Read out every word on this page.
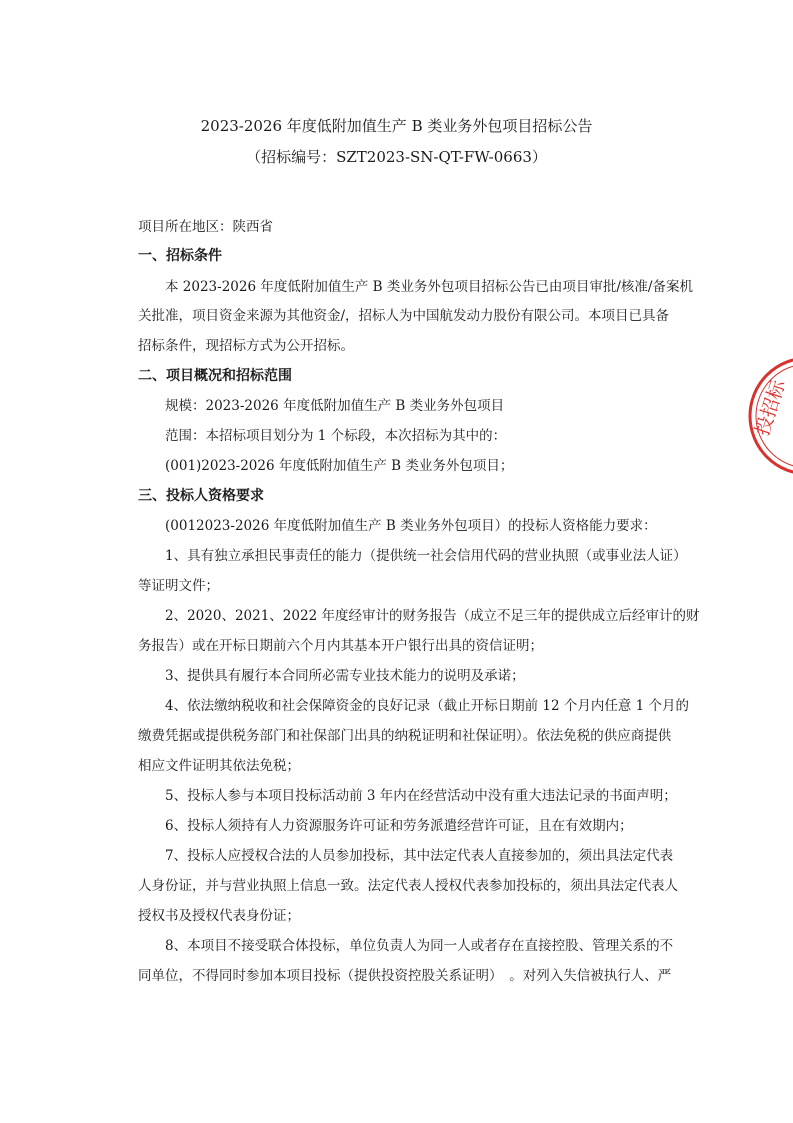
2023-2026 年度低附加值生产 B 类业务外包项目招标公告
（招标编号：SZT2023-SN-QT-FW-0663）
项目所在地区：陕西省
一、招标条件
本 2023-2026 年度低附加值生产 B 类业务外包项目招标公告已由项目审批/核准/备案机
关批准，项目资金来源为其他资金/，招标人为中国航发动力股份有限公司。本项目已具备
招标条件，现招标方式为公开招标。
二、项目概况和招标范围
规模：2023-2026 年度低附加值生产 B 类业务外包项目
范围：本招标项目划分为 1 个标段，本次招标为其中的：
(001)2023-2026 年度低附加值生产 B 类业务外包项目；
三、投标人资格要求
(0012023-2026 年度低附加值生产 B 类业务外包项目）的投标人资格能力要求：
1、具有独立承担民事责任的能力（提供统一社会信用代码的营业执照（或事业法人证）
等证明文件；
2、2020、2021、2022 年度经审计的财务报告（成立不足三年的提供成立后经审计的财
务报告）或在开标日期前六个月内其基本开户银行出具的资信证明；
3、提供具有履行本合同所必需专业技术能力的说明及承诺；
4、依法缴纳税收和社会保障资金的良好记录（截止开标日期前 12 个月内任意 1 个月的
缴费凭据或提供税务部门和社保部门出具的纳税证明和社保证明）。依法免税的供应商提供
相应文件证明其依法免税；
5、投标人参与本项目投标活动前 3 年内在经营活动中没有重大违法记录的书面声明；
6、投标人须持有人力资源服务许可证和劳务派遣经营许可证，且在有效期内；
7、投标人应授权合法的人员参加投标，其中法定代表人直接参加的，须出具法定代表
人身份证，并与营业执照上信息一致。法定代表人授权代表参加投标的，须出具法定代表人
授权书及授权代表身份证；
8、本项目不接受联合体投标，单位负责人为同一人或者存在直接控股、管理关系的不
同单位，不得同时参加本项目投标（提供投资控股关系证明）　。对列入失信被执行人、严
投招标
